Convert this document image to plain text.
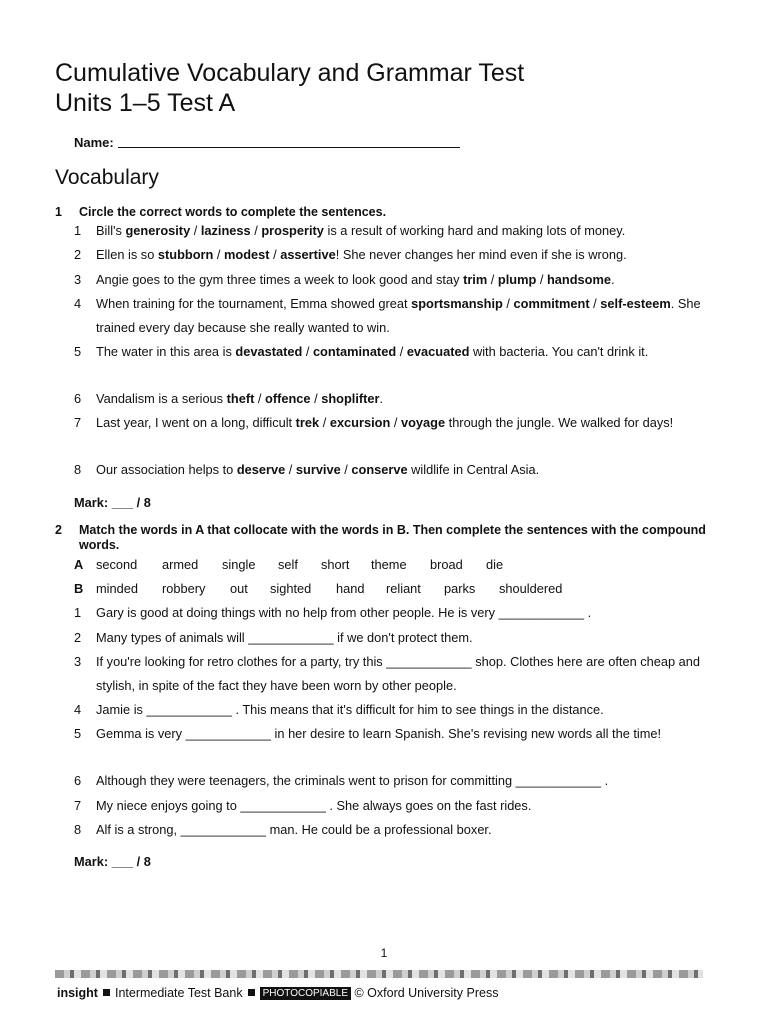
Cumulative Vocabulary and Grammar Test
Units 1–5 Test A
Name:
Vocabulary
1 Circle the correct words to complete the sentences.
1	Bill's generosity / laziness / prosperity is a result of working hard and making lots of money.
2	Ellen is so stubborn / modest / assertive! She never changes her mind even if she is wrong.
3	Angie goes to the gym three times a week to look good and stay trim / plump / handsome.
4	When training for the tournament, Emma showed great sportsmanship / commitment / self-esteem. She trained every day because she really wanted to win.
5	The water in this area is devastated / contaminated / evacuated with bacteria. You can't drink it.
6	Vandalism is a serious theft / offence / shoplifter.
7	Last year, I went on a long, difficult trek / excursion / voyage through the jungle. We walked for days!
8	Our association helps to deserve / survive / conserve wildlife in Central Asia.
Mark: ___ / 8
2 Match the words in A that collocate with the words in B. Then complete the sentences with the compound words.
A second armed single self short theme broad die
B minded robbery out sighted hand reliant parks shouldered
1	Gary is good at doing things with no help from other people. He is very ____________ .
2	Many types of animals will ____________ if we don't protect them.
3	If you're looking for retro clothes for a party, try this ____________ shop. Clothes here are often cheap and stylish, in spite of the fact they have been worn by other people.
4	Jamie is ____________ . This means that it's difficult for him to see things in the distance.
5	Gemma is very ____________ in her desire to learn Spanish. She's revising new words all the time!
6	Although they were teenagers, the criminals went to prison for committing ____________ .
7	My niece enjoys going to ____________ . She always goes on the fast rides.
8	Alf is a strong, ____________ man. He could be a professional boxer.
Mark: ___ / 8
1
insight Intermediate Test Bank PHOTOCOPIABLE © Oxford University Press
